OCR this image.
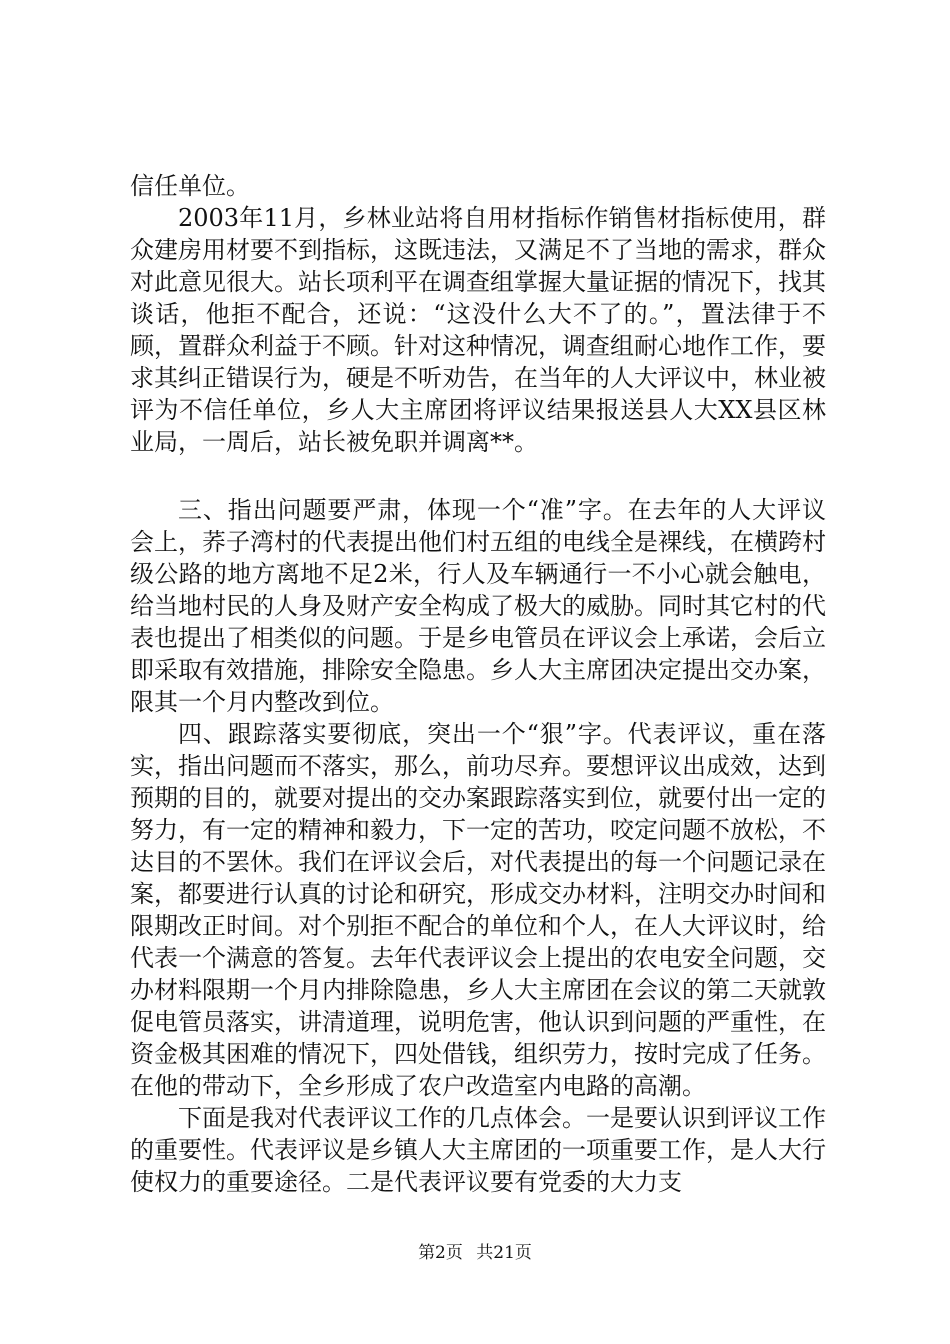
信任单位。

2003年11月，乡林业站将自用材指标作销售材指标使用，群众建房用材要不到指标，这既违法，又满足不了当地的需求，群众对此意见很大。站长项利平在调查组掌握大量证据的情况下，找其谈话，他拒不配合，还说：“这没什么大不了的。”，置法律于不顾，置群众利益于不顾。针对这种情况，调查组耐心地作工作，要求其纠正错误行为，硬是不听劝告，在当年的人大评议中，林业被评为不信任单位，乡人大主席团将评议结果报送县人大XX县区林业局，一周后，站长被免职并调离**。

三、指出问题要严肃，体现一个“准”字。在去年的人大评议会上，荞子湾村的代表提出他们村五组的电线全是裸线，在横跨村级公路的地方离地不足2米，行人及车辆通行一不小心就会触电，给当地村民的人身及财产安全构成了极大的威胁。同时其它村的代表也提出了相类似的问题。于是乡电管员在评议会上承诺，会后立即采取有效措施，排除安全隐患。乡人大主席团决定提出交办案，限其一个月内整改到位。

四、跟踪落实要彻底，突出一个“狠”字。代表评议，重在落实，指出问题而不落实，那么，前功尽弃。要想评议出成效，达到预期的目的，就要对提出的交办案跟踪落实到位，就要付出一定的努力，有一定的精神和毅力，下一定的苦功，咬定问题不放松，不达目的不罢休。我们在评议会后，对代表提出的每一个问题记录在案，都要进行认真的讨论和研究，形成交办材料，注明交办时间和限期改正时间。对个别拒不配合的单位和个人，在人大评议时，给代表一个满意的答复。去年代表评议会上提出的农电安全问题，交办材料限期一个月内排除隐患，乡人大主席团在会议的第二天就敦促电管员落实，讲清道理，说明危害，他认识到问题的严重性，在资金极其困难的情况下，四处借钱，组织劳力，按时完成了任务。在他的带动下，全乡形成了农户改造室内电路的高潮。

下面是我对代表评议工作的几点体会。一是要认识到评议工作的重要性。代表评议是乡镇人大主席团的一项重要工作，是人大行使权力的重要途径。二是代表评议要有党委的大力支

第2页 共21页
